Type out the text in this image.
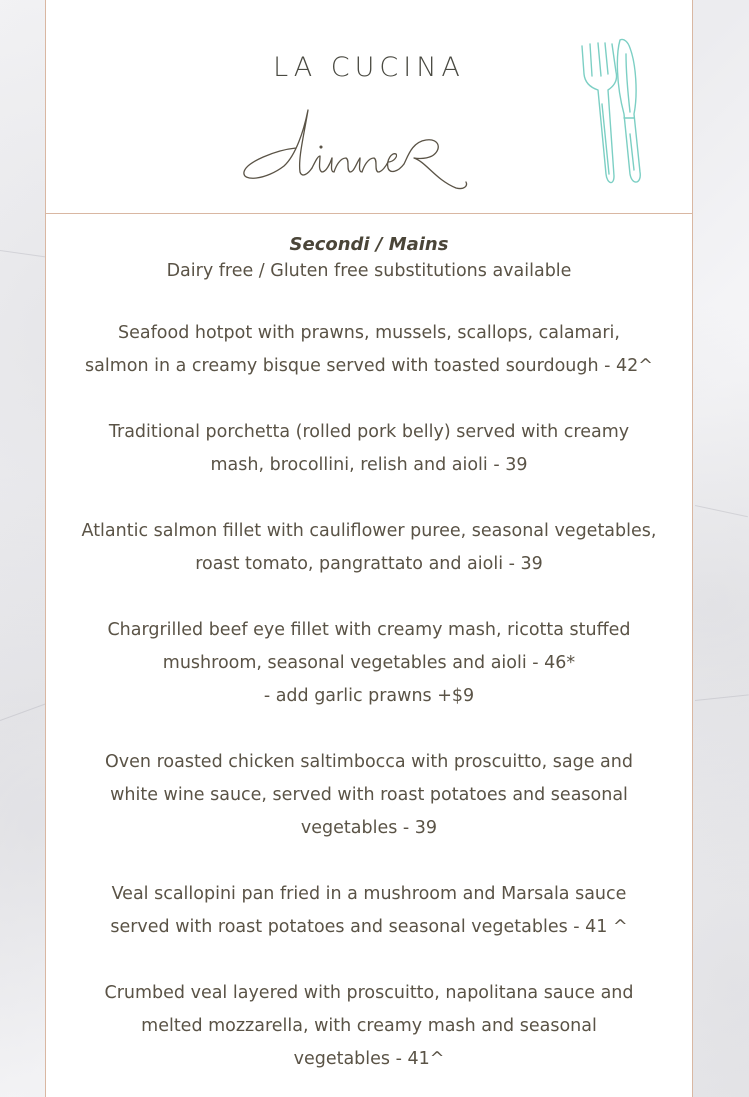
LA CUCINA
Secondi / Mains
Dairy free / Gluten free substitutions available
Seafood hotpot with prawns, mussels, scallops, calamari,
salmon in a creamy bisque served with toasted sourdough - 42^
Traditional porchetta (rolled pork belly) served with creamy
mash, brocollini, relish and aioli - 39
Atlantic salmon fillet with cauliflower puree, seasonal vegetables,
roast tomato, pangrattato and aioli - 39
Chargrilled beef eye fillet with creamy mash, ricotta stuffed
mushroom, seasonal vegetables and aioli - 46*
- add garlic prawns +$9
Oven roasted chicken saltimbocca with proscuitto, sage and
white wine sauce, served with roast potatoes and seasonal
vegetables - 39
Veal scallopini pan fried in a mushroom and Marsala sauce
served with roast potatoes and seasonal vegetables - 41 ^
Crumbed veal layered with proscuitto, napolitana sauce and
melted mozzarella, with creamy mash and seasonal
vegetables - 41^
